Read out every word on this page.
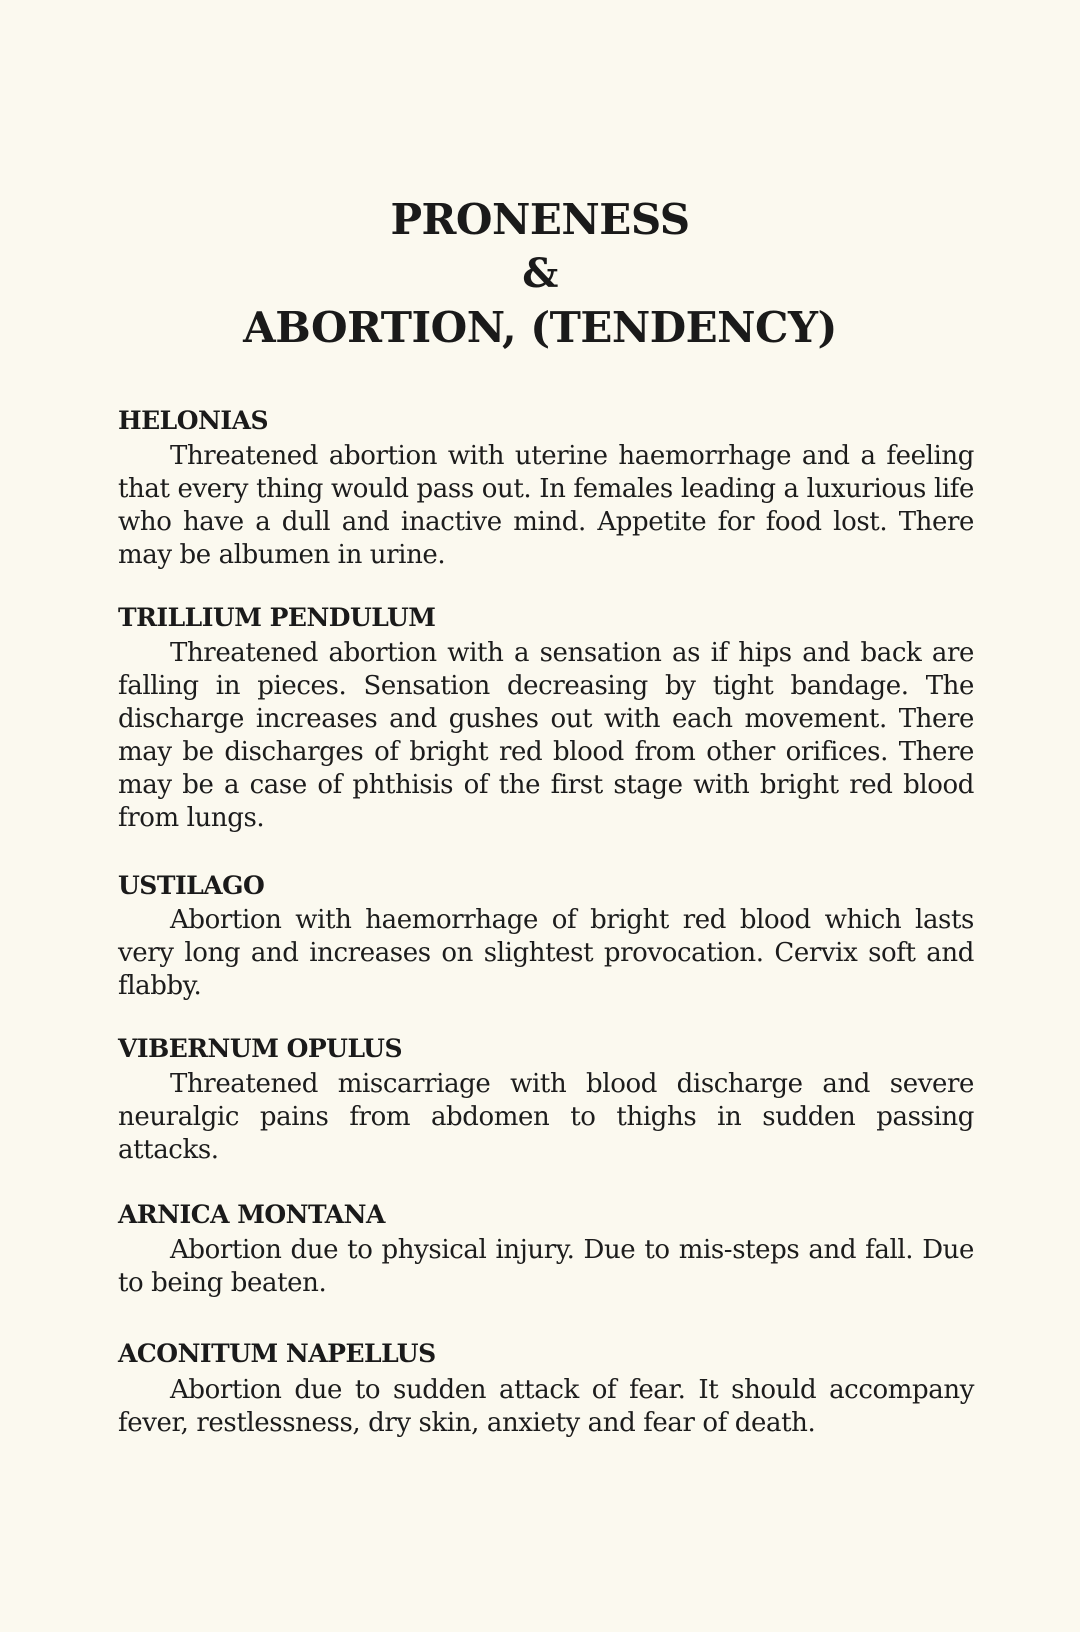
PRONENESS
&
ABORTION, (TENDENCY)
HELONIAS
Threatened abortion with uterine haemorrhage and a feeling that every thing would pass out. In females leading a luxurious life who have a dull and inactive mind. Appetite for food lost. There may be albumen in urine.
TRILLIUM PENDULUM
Threatened abortion with a sensation as if hips and back are falling in pieces. Sensation decreasing by tight bandage. The discharge increases and gushes out with each movement. There may be discharges of bright red blood from other orifices. There may be a case of phthisis of the first stage with bright red blood from lungs.
USTILAGO
Abortion with haemorrhage of bright red blood which lasts very long and increases on slightest provocation. Cervix soft and flabby.
VIBERNUM OPULUS
Threatened miscarriage with blood discharge and severe neuralgic pains from abdomen to thighs in sudden passing attacks.
ARNICA MONTANA
Abortion due to physical injury. Due to mis-steps and fall. Due to being beaten.
ACONITUM NAPELLUS
Abortion due to sudden attack of fear. It should accompany fever, restlessness, dry skin, anxiety and fear of death.
